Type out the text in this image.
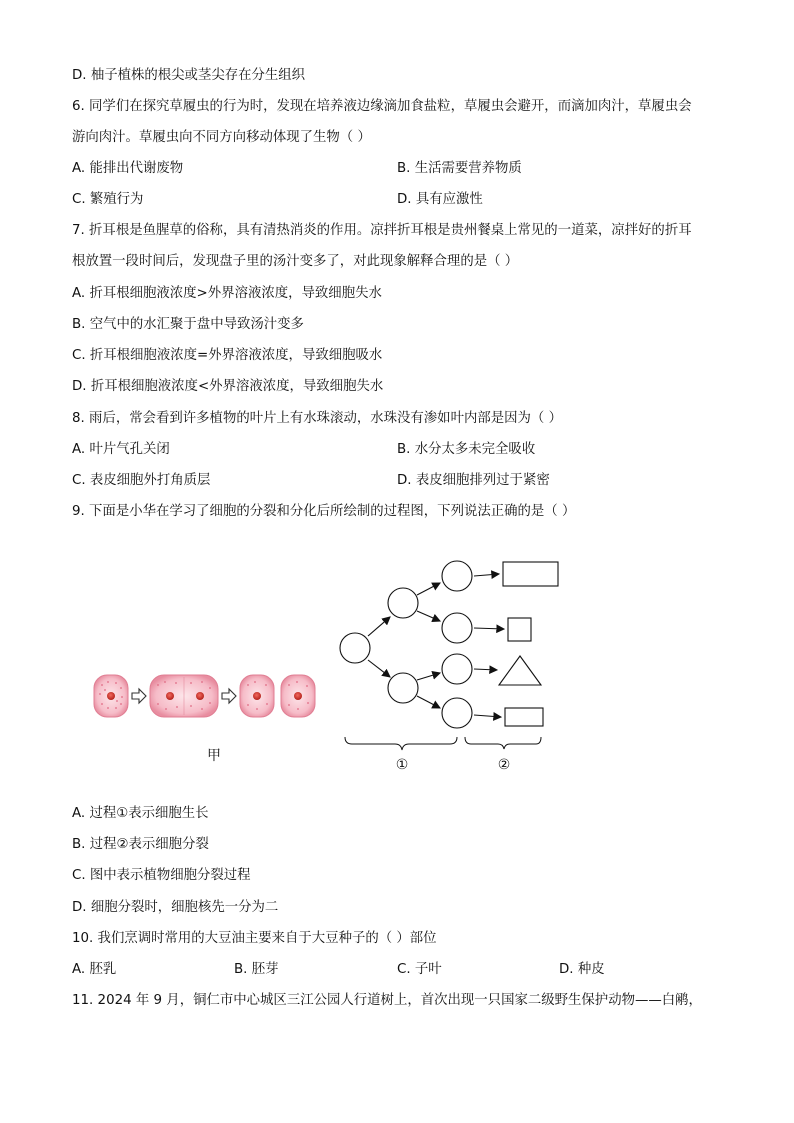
D. 柚子植株的根尖或茎尖存在分生组织
6. 同学们在探究草履虫的行为时，发现在培养液边缘滴加食盐粒，草履虫会避开，而滴加肉汁，草履虫会
游向肉汁。草履虫向不同方向移动体现了生物（ ）
A. 能排出代谢废物	B. 生活需要营养物质
C. 繁殖行为	D. 具有应激性
7. 折耳根是鱼腥草的俗称，具有清热消炎的作用。凉拌折耳根是贵州餐桌上常见的一道菜，凉拌好的折耳
根放置一段时间后，发现盘子里的汤汁变多了，对此现象解释合理的是（ ）
A. 折耳根细胞液浓度>外界溶液浓度，导致细胞失水
B. 空气中的水汇聚于盘中导致汤汁变多
C. 折耳根细胞液浓度=外界溶液浓度，导致细胞吸水
D. 折耳根细胞液浓度<外界溶液浓度，导致细胞失水
8. 雨后，常会看到许多植物的叶片上有水珠滚动，水珠没有渗如叶内部是因为（ ）
A. 叶片气孔关闭	B. 水分太多未完全吸收
C. 表皮细胞外打角质层	D. 表皮细胞排列过于紧密
9. 下面是小华在学习了细胞的分裂和分化后所绘制的过程图，下列说法正确的是（ ）
甲
①	②
A. 过程①表示细胞生长
B. 过程②表示细胞分裂
C. 图中表示植物细胞分裂过程
D. 细胞分裂时，细胞核先一分为二
10. 我们烹调时常用的大豆油主要来自于大豆种子的（ ）部位
A. 胚乳	B. 胚芽	C. 子叶	D. 种皮
11. 2024 年 9 月，铜仁市中心城区三江公园人行道树上，首次出现一只国家二级野生保护动物——白鹇，
